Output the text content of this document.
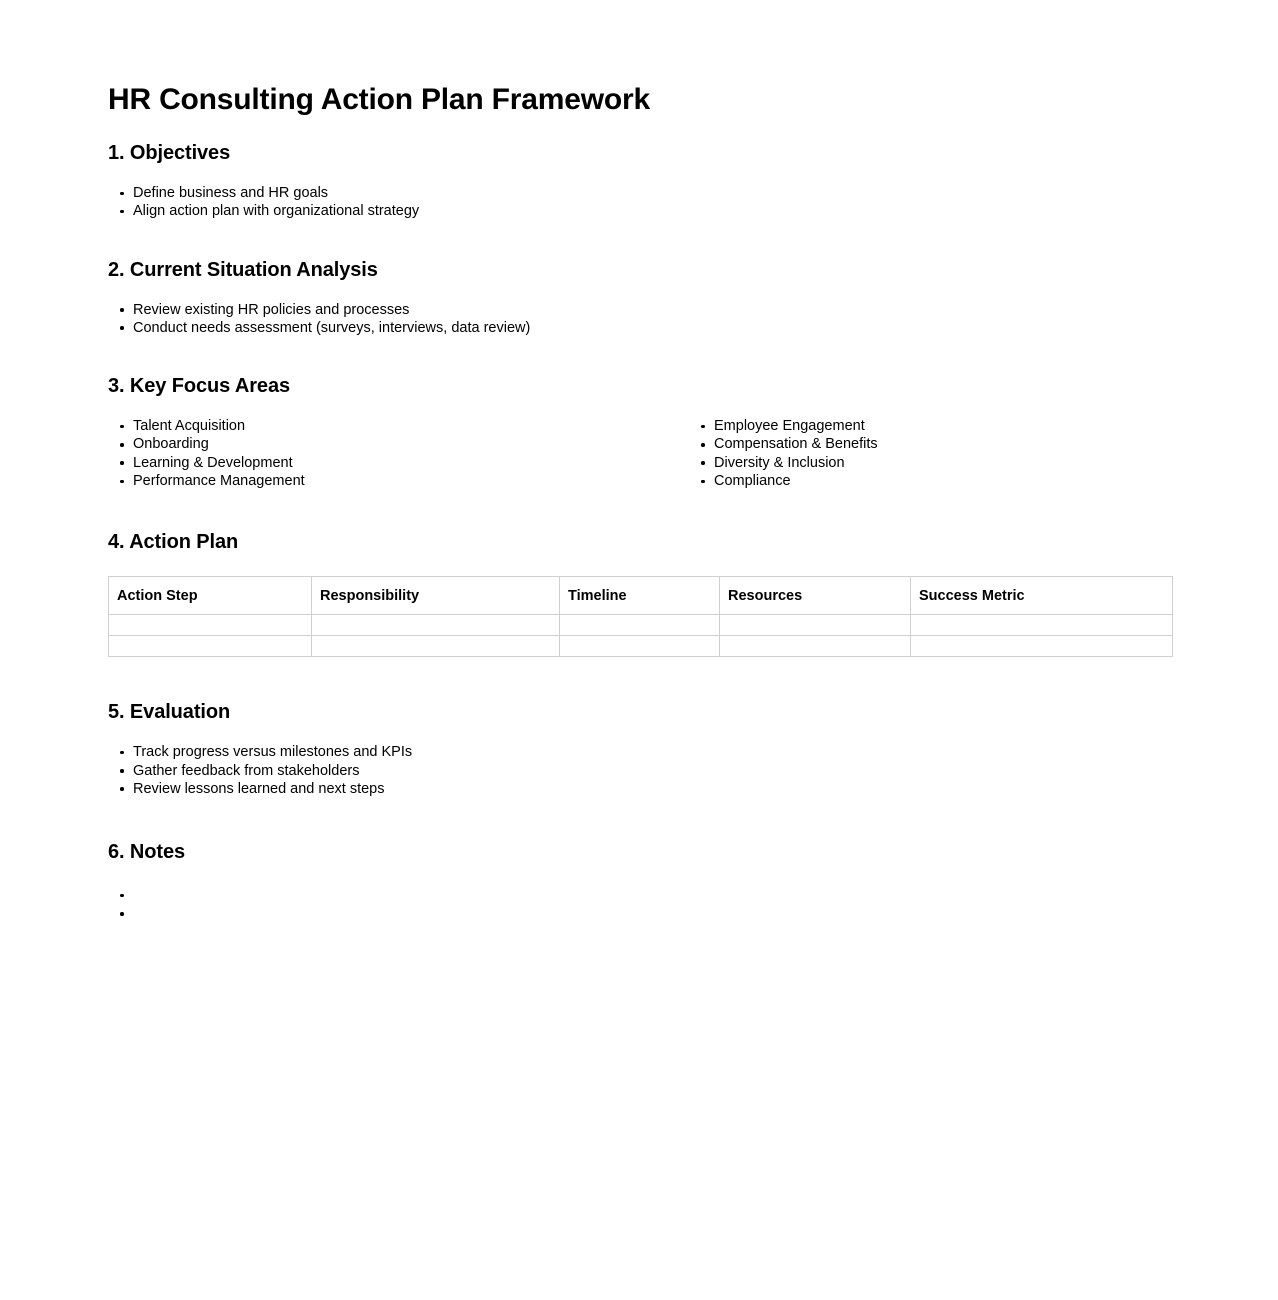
HR Consulting Action Plan Framework
1. Objectives
Define business and HR goals
Align action plan with organizational strategy
2. Current Situation Analysis
Review existing HR policies and processes
Conduct needs assessment (surveys, interviews, data review)
3. Key Focus Areas
Talent Acquisition
Onboarding
Learning & Development
Performance Management
Employee Engagement
Compensation & Benefits
Diversity & Inclusion
Compliance
4. Action Plan
Action Step	Responsibility	Timeline	Resources	Success Metric

5. Evaluation
Track progress versus milestones and KPIs
Gather feedback from stakeholders
Review lessons learned and next steps
6. Notes
